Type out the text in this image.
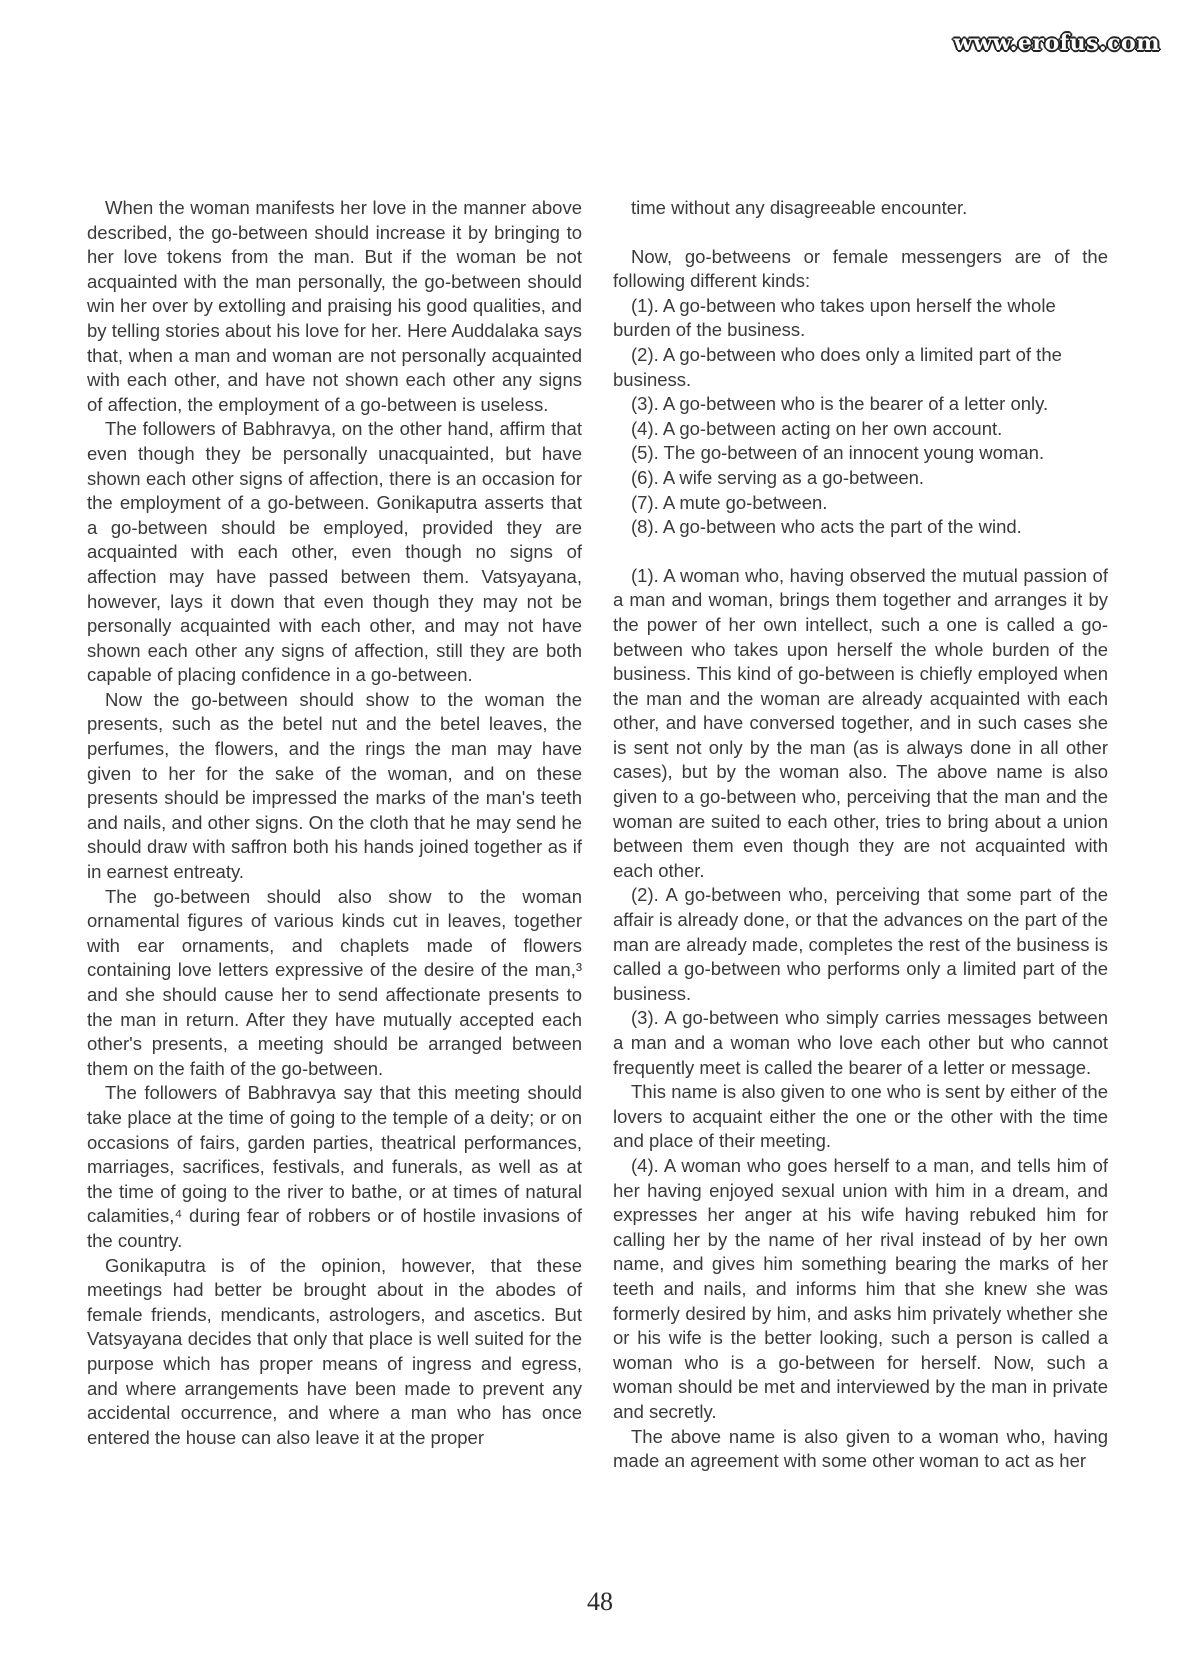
www.erofus.com

When the woman manifests her love in the manner above described, the go-between should increase it by bringing to her love tokens from the man. But if the woman be not acquainted with the man personally, the go-between should win her over by extolling and praising his good qualities, and by telling stories about his love for her. Here Auddalaka says that, when a man and woman are not personally acquainted with each other, and have not shown each other any signs of affection, the employment of a go-between is useless.

The followers of Babhravya, on the other hand, affirm that even though they be personally unacquainted, but have shown each other signs of affection, there is an occasion for the employment of a go-between. Gonikaputra asserts that a go-between should be employed, provided they are acquainted with each other, even though no signs of affection may have passed between them. Vatsyayana, however, lays it down that even though they may not be personally acquainted with each other, and may not have shown each other any signs of affection, still they are both capable of placing confidence in a go-between.

Now the go-between should show to the woman the presents, such as the betel nut and the betel leaves, the perfumes, the flowers, and the rings the man may have given to her for the sake of the woman, and on these presents should be impressed the marks of the man's teeth and nails, and other signs. On the cloth that he may send he should draw with saffron both his hands joined together as if in earnest entreaty.

The go-between should also show to the woman ornamental figures of various kinds cut in leaves, together with ear ornaments, and chaplets made of flowers containing love letters expressive of the desire of the man,³ and she should cause her to send affectionate presents to the man in return. After they have mutually accepted each other's presents, a meeting should be arranged between them on the faith of the go-between.

The followers of Babhravya say that this meeting should take place at the time of going to the temple of a deity; or on occasions of fairs, garden parties, theatrical performances, marriages, sacrifices, festivals, and funerals, as well as at the time of going to the river to bathe, or at times of natural calamities,⁴ during fear of robbers or of hostile invasions of the country.

Gonikaputra is of the opinion, however, that these meetings had better be brought about in the abodes of female friends, mendicants, astrologers, and ascetics. But Vatsyayana decides that only that place is well suited for the purpose which has proper means of ingress and egress, and where arrangements have been made to prevent any accidental occurrence, and where a man who has once entered the house can also leave it at the proper

time without any disagreeable encounter.

Now, go-betweens or female messengers are of the following different kinds:

(1). A go-between who takes upon herself the whole burden of the business.

(2). A go-between who does only a limited part of the business.

(3). A go-between who is the bearer of a letter only.

(4). A go-between acting on her own account.

(5). The go-between of an innocent young woman.

(6). A wife serving as a go-between.

(7). A mute go-between.

(8). A go-between who acts the part of the wind.

(1). A woman who, having observed the mutual passion of a man and woman, brings them together and arranges it by the power of her own intellect, such a one is called a go-between who takes upon herself the whole burden of the business. This kind of go-between is chiefly employed when the man and the woman are already acquainted with each other, and have conversed together, and in such cases she is sent not only by the man (as is always done in all other cases), but by the woman also. The above name is also given to a go-between who, perceiving that the man and the woman are suited to each other, tries to bring about a union between them even though they are not acquainted with each other.

(2). A go-between who, perceiving that some part of the affair is already done, or that the advances on the part of the man are already made, completes the rest of the business is called a go-between who performs only a limited part of the business.

(3). A go-between who simply carries messages between a man and a woman who love each other but who cannot frequently meet is called the bearer of a letter or message.

This name is also given to one who is sent by either of the lovers to acquaint either the one or the other with the time and place of their meeting.

(4). A woman who goes herself to a man, and tells him of her having enjoyed sexual union with him in a dream, and expresses her anger at his wife having rebuked him for calling her by the name of her rival instead of by her own name, and gives him something bearing the marks of her teeth and nails, and informs him that she knew she was formerly desired by him, and asks him privately whether she or his wife is the better looking, such a person is called a woman who is a go-between for herself. Now, such a woman should be met and interviewed by the man in private and secretly.

The above name is also given to a woman who, having made an agreement with some other woman to act as her

48
